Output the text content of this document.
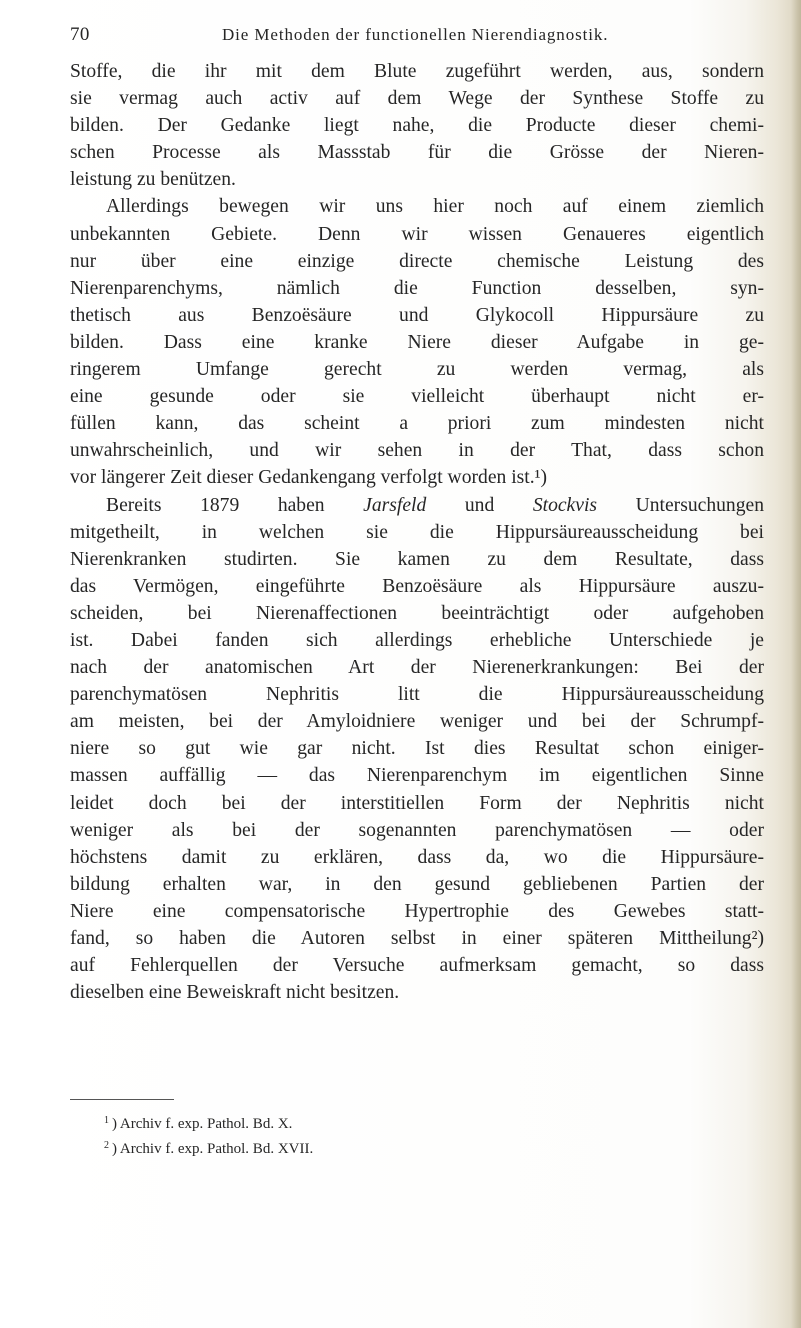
70	Die Methoden der functionellen Nierendiagnostik.
Stoffe, die ihr mit dem Blute zugeführt werden, aus, sondern
sie vermag auch activ auf dem Wege der Synthese Stoffe zu
bilden. Der Gedanke liegt nahe, die Producte dieser chemi-
schen Processe als Massstab für die Grösse der Nieren-
leistung zu benützen.
Allerdings bewegen wir uns hier noch auf einem ziemlich
unbekannten Gebiete. Denn wir wissen Genaueres eigentlich
nur über eine einzige directe chemische Leistung des
Nierenparenchyms, nämlich die Function desselben, syn-
thetisch aus Benzoësäure und Glykocoll Hippursäure zu
bilden. Dass eine kranke Niere dieser Aufgabe in ge-
ringerem Umfange gerecht zu werden vermag, als
eine gesunde oder sie vielleicht überhaupt nicht er-
füllen kann, das scheint a priori zum mindesten nicht
unwahrscheinlich, und wir sehen in der That, dass schon
vor längerer Zeit dieser Gedankengang verfolgt worden ist.¹)
Bereits 1879 haben Jarsfeld und Stockvis Untersuchungen
mitgetheilt, in welchen sie die Hippursäureausscheidung bei
Nierenkranken studirten. Sie kamen zu dem Resultate, dass
das Vermögen, eingeführte Benzoësäure als Hippursäure auszu-
scheiden, bei Nierenaffectionen beeinträchtigt oder aufgehoben
ist. Dabei fanden sich allerdings erhebliche Unterschiede je
nach der anatomischen Art der Nierenerkrankungen: Bei der
parenchymatösen Nephritis litt die Hippursäureausscheidung
am meisten, bei der Amyloidniere weniger und bei der Schrumpf-
niere so gut wie gar nicht. Ist dies Resultat schon einiger-
massen auffällig — das Nierenparenchym im eigentlichen Sinne
leidet doch bei der interstitiellen Form der Nephritis nicht
weniger als bei der sogenannten parenchymatösen — oder
höchstens damit zu erklären, dass da, wo die Hippursäure-
bildung erhalten war, in den gesund gebliebenen Partien der
Niere eine compensatorische Hypertrophie des Gewebes statt-
fand, so haben die Autoren selbst in einer späteren Mittheilung²)
auf Fehlerquellen der Versuche aufmerksam gemacht, so dass
dieselben eine Beweiskraft nicht besitzen.
$^1$ ) Archiv f. exp. Pathol. Bd. X.
$^2$ ) Archiv f. exp. Pathol. Bd. XVII.
